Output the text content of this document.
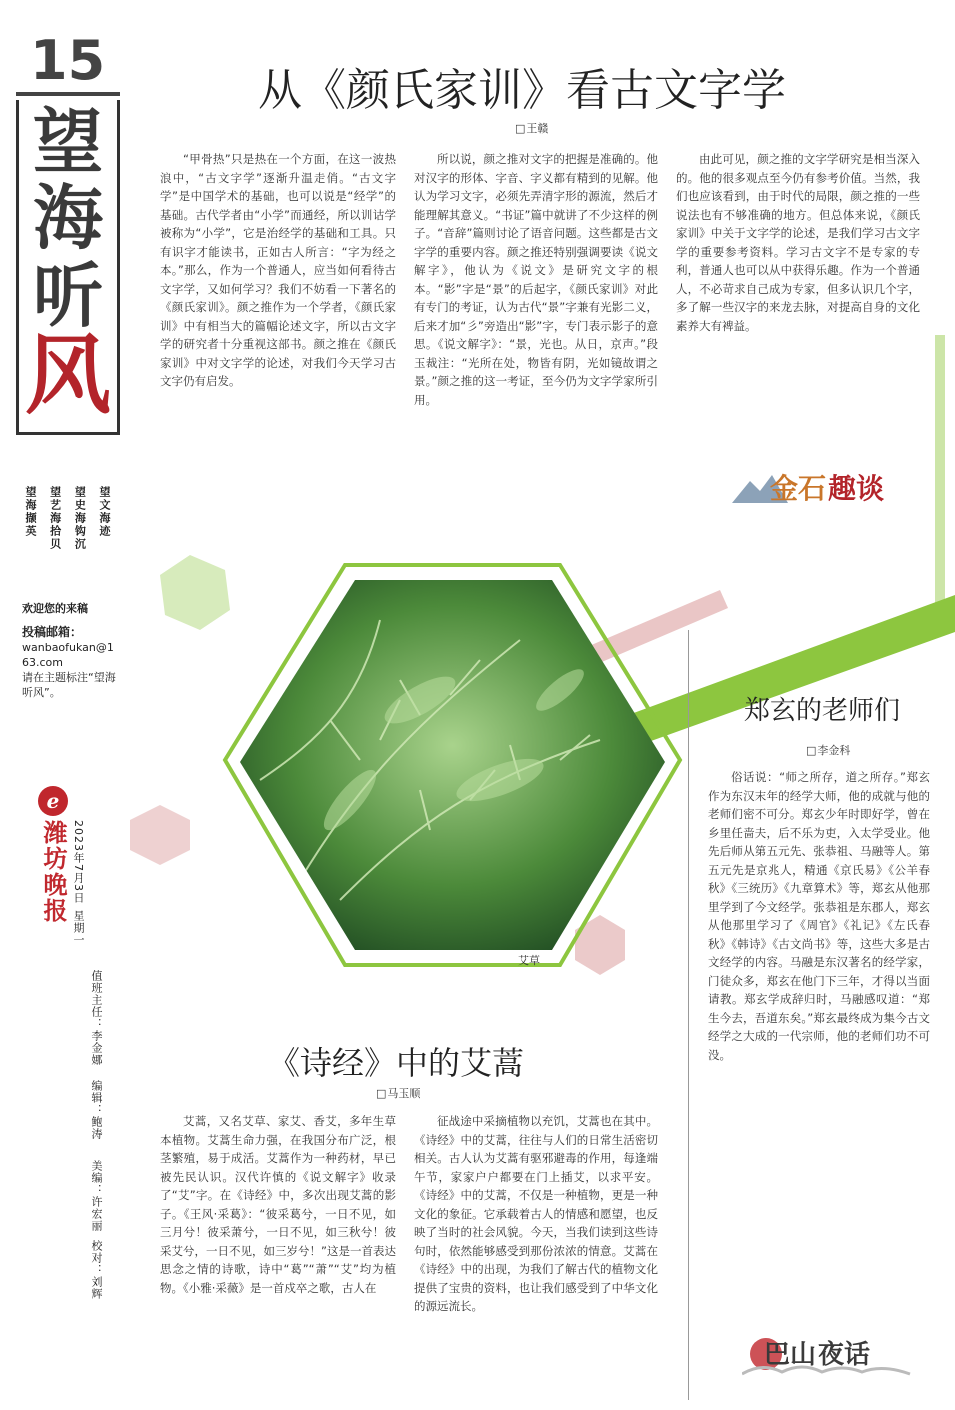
15
望
海
听
风
望文海迹
望史海钩沉
望艺海拾贝
望海撷英
欢迎您的来稿
投稿邮箱：
wanbaofukan@163.com
请在主题标注“望海听风”。
ℯ
潍坊晚报 2023年7月3日
星期一
值班主任：李金娜
编辑：鲍涛
美编：许宏丽
校对：刘辉
从《颜氏家训》看古文字学
□ 王赣

“甲骨热”只是热在一个方面，在这一波热浪中，“古文字学”逐渐升温走俏。“古文字学”是中国学术的基础，也可以说是“经学”的基础。古代学者由“小学”而通经，所以训诂学被称为“小学”，它是治经学的基础和工具。只有识字才能读书，正如古人所言：“字为经之本。”那么，作为一个普通人，应当如何看待古文字学，又如何学习？我们不妨看一下著名的《颜氏家训》。颜之推作为一个学者，《颜氏家训》中有相当大的篇幅论述文字，所以古文字学的研究者十分重视这部书。颜之推在《颜氏家训》中对文字学的论述，对我们今天学习古文字仍有启发。

所以说，颜之推对文字的把握是准确的。他对汉字的形体、字音、字义都有精到的见解。他认为学习文字，必须先弄清字形的源流，然后才能理解其意义。“书证”篇中就讲了不少这样的例子。“音辞”篇则讨论了语音问题。这些都是古文字学的重要内容。颜之推还特别强调要读《说文解字》，他认为《说文》是研究文字的根本。“影”字是“景”的后起字，《颜氏家训》对此有专门的考证，认为古代“景”字兼有光影二义，后来才加“彡”旁造出“影”字，专门表示影子的意思。《说文解字》：“景，光也。从日，京声。”段玉裁注：“光所在处，物皆有阴，光如镜故谓之景。”颜之推的这一考证，至今仍为文字学家所引用。

由此可见，颜之推的文字学研究是相当深入的。他的很多观点至今仍有参考价值。当然，我们也应该看到，由于时代的局限，颜之推的一些说法也有不够准确的地方。但总体来说，《颜氏家训》中关于文字学的论述，是我们学习古文字学的重要参考资料。学习古文字不是专家的专利，普通人也可以从中获得乐趣。作为一个普通人，不必苛求自己成为专家，但多认识几个字，多了解一些汉字的来龙去脉，对提高自身的文化素养大有裨益。

金石 趣谈
艾草
《诗经》中的艾蒿
□ 马玉顺

艾蒿，又名艾草、家艾、香艾，多年生草本植物。艾蒿生命力强，在我国分布广泛，根茎繁殖，易于成活。艾蒿作为一种药材，早已被先民认识。汉代许慎的《说文解字》收录了“艾”字。在《诗经》中，多次出现艾蒿的影子。《王风·采葛》：“彼采葛兮，一日不见，如三月兮！彼采萧兮，一日不见，如三秋兮！彼采艾兮，一日不见，如三岁兮！”这是一首表达思念之情的诗歌，诗中“葛”“萧”“艾”均为植物。《小雅·采薇》是一首戍卒之歌，古人在

征战途中采摘植物以充饥，艾蒿也在其中。《诗经》中的艾蒿，往往与人们的日常生活密切相关。古人认为艾蒿有驱邪避毒的作用，每逢端午节，家家户户都要在门上插艾，以求平安。《诗经》中的艾蒿，不仅是一种植物，更是一种文化的象征。它承载着古人的情感和愿望，也反映了当时的社会风貌。今天，当我们读到这些诗句时，依然能够感受到那份浓浓的情意。艾蒿在《诗经》中的出现，为我们了解古代的植物文化提供了宝贵的资料，也让我们感受到了中华文化的源远流长。

郑玄的老师们
□ 李金科

俗话说：“师之所存，道之所存。”郑玄作为东汉末年的经学大师，他的成就与他的老师们密不可分。郑玄少年时即好学，曾在乡里任啬夫，后不乐为吏，入太学受业。他先后师从第五元先、张恭祖、马融等人。第五元先是京兆人，精通《京氏易》《公羊春秋》《三统历》《九章算术》等，郑玄从他那里学到了今文经学。张恭祖是东郡人，郑玄从他那里学习了《周官》《礼记》《左氏春秋》《韩诗》《古文尚书》等，这些大多是古文经学的内容。马融是东汉著名的经学家，门徒众多，郑玄在他门下三年，才得以当面请教。郑玄学成辞归时，马融感叹道：“郑生今去，吾道东矣。”郑玄最终成为集今古文经学之大成的一代宗师，他的老师们功不可没。

巴山 夜话
